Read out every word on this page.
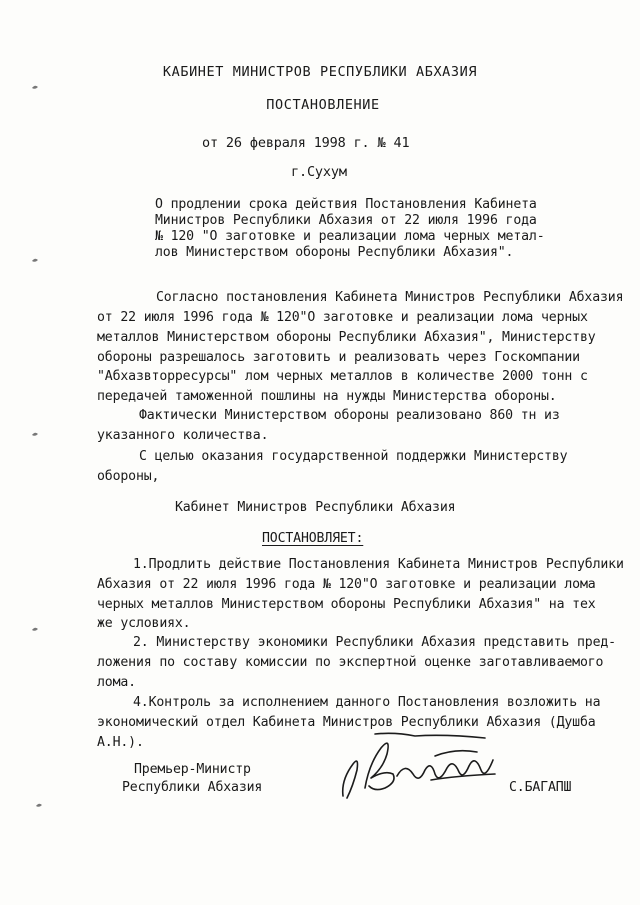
КАБИНЕТ МИНИСТРОВ РЕСПУБЛИКИ АБХАЗИЯ
ПОСТАНОВЛЕНИЕ
от 26 февраля 1998 г. № 41
г.Сухум
О продлении срока действия Постановления Кабинета
Министров Республики Абхазия от 22 июля 1996 года
№ 120 "О заготовке и реализации лома черных метал-
лов Министерством обороны Республики Абхазия".
Согласно постановления Кабинета Министров Республики Абхазия
от 22 июля 1996 года № 120"О заготовке и реализации лома черных
металлов Министерством обороны Республики Абхазия", Министерству
обороны разрешалось заготовить и реализовать через Госкомпании
"Абхазвторресурсы" лом черных металлов в количестве 2000 тонн с
передачей таможенной пошлины на нужды Министерства обороны.
Фактически Министерством обороны реализовано 860 тн из
указанного количества.
С целью оказания государственной поддержки Министерству
обороны,
Кабинет Министров Республики Абхазия
ПОСТАНОВЛЯЕТ:
1.Продлить действие Постановления Кабинета Министров Республики
Абхазия от 22 июля 1996 года № 120"О заготовке и реализации лома
черных металлов Министерством обороны Республики Абхазия" на тех
же условиях.
2. Министерству экономики Республики Абхазия представить пред-
ложения по составу комиссии по экспертной оценке заготавливаемого
лома.
4.Контроль за исполнением данного Постановления возложить на
экономический отдел Кабинета Министров Республики Абхазия (Душба
А.Н.).
Премьер-Министр
Республики Абхазия	С.БАГАПШ
